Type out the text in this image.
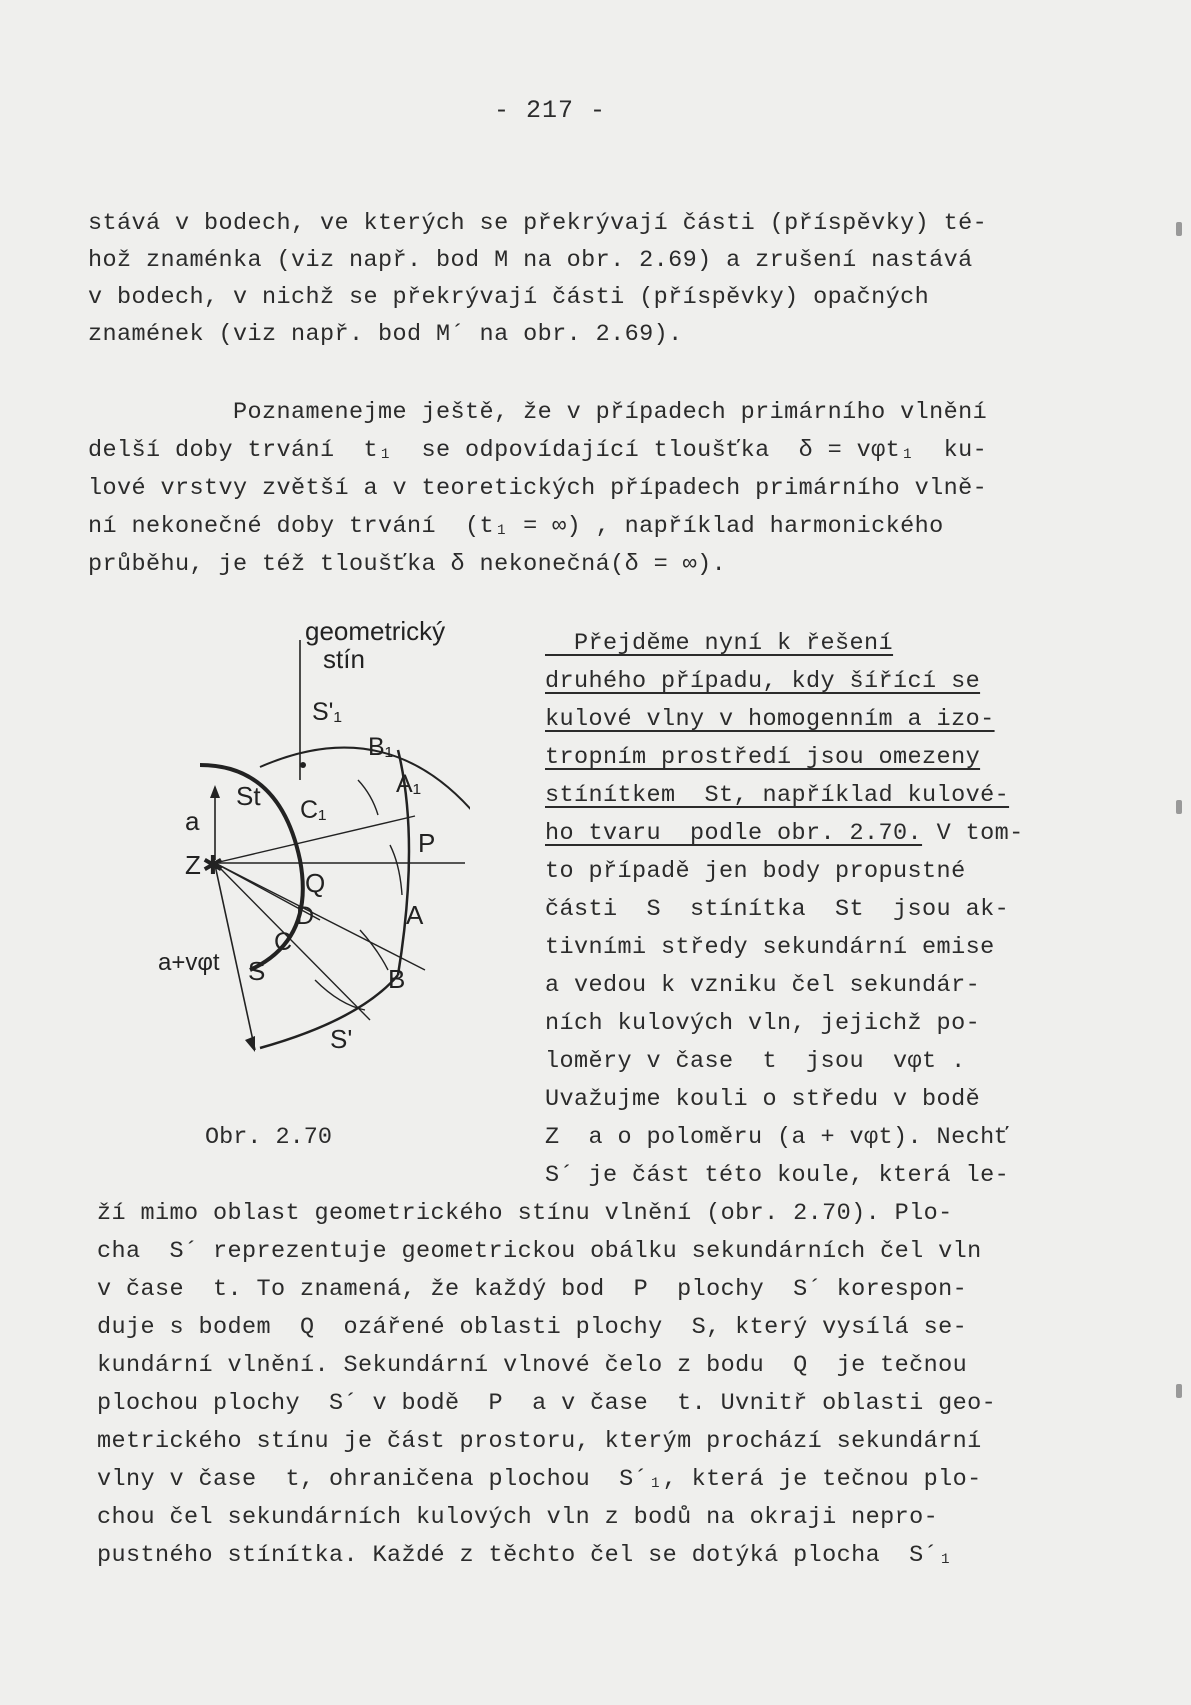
- 217 -
stává v bodech, ve kterých se překrývají části (příspěvky) té-
hož znaménka (viz např. bod M na obr. 2.69) a zrušení nastává
v bodech, v nichž se překrývají části (příspěvky) opačných
znamének (viz např. bod M´ na obr. 2.69).
Poznamenejme ještě, že v případech primárního vlnění
delší doby trvání  t₁  se odpovídající tloušťka  δ = vφt₁  ku-
lové vrstvy zvětší a v teoretických případech primárního vlně-
ní nekonečné doby trvání  (t₁ = ∞) , například harmonického
průběhu, je též tloušťka δ nekonečná(δ = ∞).
Přejděme nyní k řešení
druhého případu, kdy šířící se
kulové vlny v homogenním a izo-
tropním prostředí jsou omezeny
stínítkem  St, například kulové-
ho tvaru  podle obr. 2.70. V tom-
to případě jen body propustné
části  S  stínítka  St  jsou ak-
tivními středy sekundární emise
a vedou k vzniku čel sekundár-
ních kulových vln, jejichž po-
loměry v čase  t  jsou  vφt .
Uvažujme kouli o středu v bodě
Z  a o poloměru (a + vφt). Nechť
S´ je část této koule, která le-
ží mimo oblast geometrického stínu vlnění (obr. 2.70). Plo-
cha  S´ reprezentuje geometrickou obálku sekundárních čel vln
v čase  t. To znamená, že každý bod  P  plochy  S´ korespon-
duje s bodem  Q  ozářené oblasti plochy  S, který vysílá se-
kundární vlnění. Sekundární vlnové čelo z bodu  Q  je tečnou
plochou plochy  S´ v bodě  P  a v čase  t. Uvnitř oblasti geo-
metrického stínu je část prostoru, kterým prochází sekundární
vlny v čase  t, ohraničena plochou  S´₁, která je tečnou plo-
chou čel sekundárních kulových vln z bodů na okraji nepro-
pustného stínítka. Každé z těchto čel se dotýká plocha  S´₁
✱
geometrický
stín
S'₁
B₁
A₁
St C₁
a
P
Z
Q
D	A
C
a+vφt S	B
S'
Obr. 2.70
